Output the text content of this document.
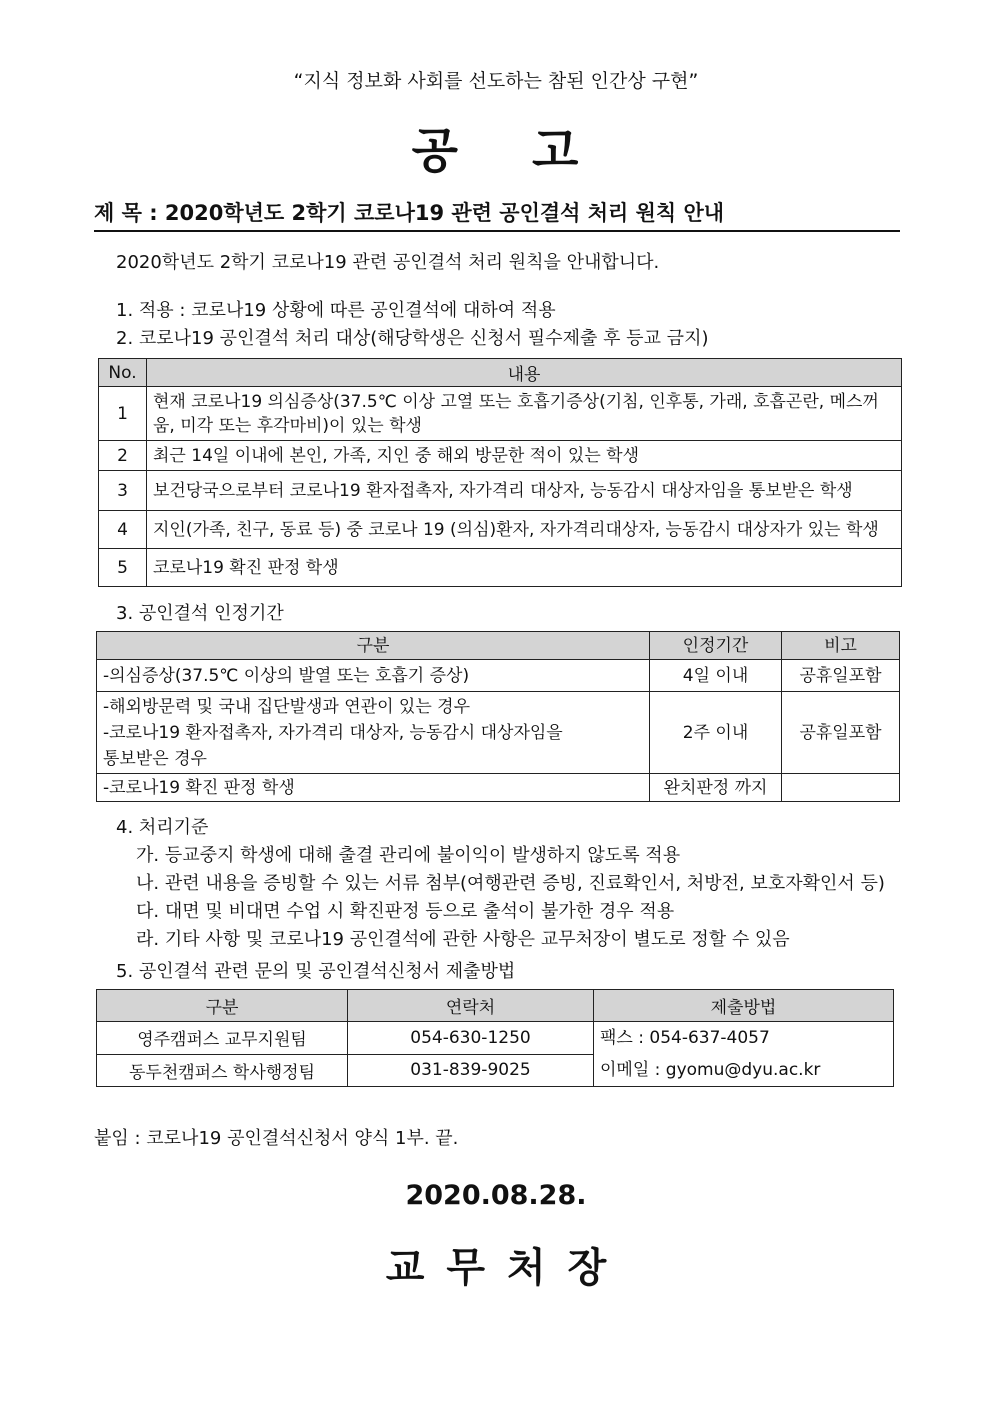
“지식 정보화 사회를 선도하는 참된 인간상 구현”
공 고
제 목 : 2020학년도 2학기 코로나19 관련 공인결석 처리 원칙 안내
2020학년도 2학기 코로나19 관련 공인결석 처리 원칙을 안내합니다.
1. 적용 : 코로나19 상황에 따른 공인결석에 대하여 적용
2. 코로나19 공인결석 처리 대상(해당학생은 신청서 필수제출 후 등교 금지)
No.	내용
1	현재 코로나19 의심증상(37.5℃ 이상 고열 또는 호흡기증상(기침, 인후통, 가래, 호흡곤란, 메스꺼움, 미각 또는 후각마비)이 있는 학생
2	최근 14일 이내에 본인, 가족, 지인 중 해외 방문한 적이 있는 학생
3	보건당국으로부터 코로나19 환자접촉자, 자가격리 대상자, 능동감시 대상자임을 통보받은 학생
4	지인(가족, 친구, 동료 등) 중 코로나 19 (의심)환자, 자가격리대상자, 능동감시 대상자가 있는 학생
5	코로나19 확진 판정 학생
3. 공인결석 인정기간
구분	인정기간	비고

-의심증상(37.5℃ 이상의 발열 또는 호흡기 증상)	4일 이내	공휴일포함

-해외방문력 및 국내 집단발생과 연관이 있는 경우
-코로나19 환자접촉자, 자가격리 대상자, 능동감시 대상자임을
통보받은 경우	2주 이내	공휴일포함

-코로나19 확진 판정 학생	완치판정 까지	
4. 처리기준
가. 등교중지 학생에 대해 출결 관리에 불이익이 발생하지 않도록 적용
나. 관련 내용을 증빙할 수 있는 서류 첨부(여행관련 증빙, 진료확인서, 처방전, 보호자확인서 등)
다. 대면 및 비대면 수업 시 확진판정 등으로 출석이 불가한 경우 적용
라. 기타 사항 및 코로나19 공인결석에 관한 사항은 교무처장이 별도로 정할 수 있음
5. 공인결석 관련 문의 및 공인결석신청서 제출방법
구분	연락처	제출방법
영주캠퍼스 교무지원팀	054-630-1250	팩스 : 054-637-4057
이메일 : gyomu@dyu.ac.kr

동두천캠퍼스 학사행정팀	031-839-9025	
붙임 : 코로나19 공인결석신청서 양식 1부. 끝.
2020.08.28.
교무처장
